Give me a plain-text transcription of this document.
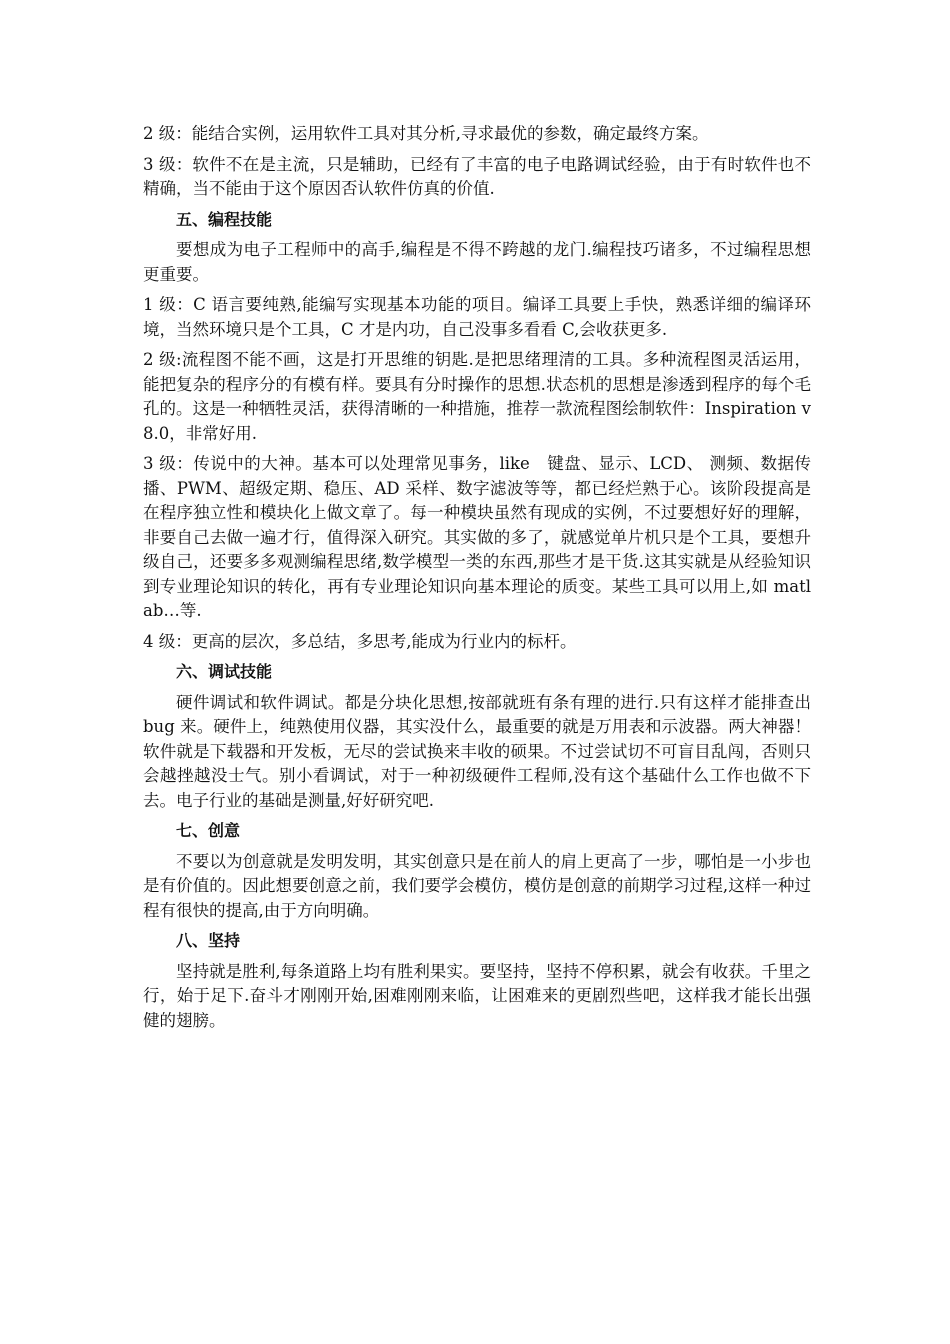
2 级：能结合实例，运用软件工具对其分析,寻求最优的参数，确定最终方案。

3 级：软件不在是主流，只是辅助，已经有了丰富的电子电路调试经验，由于有时软件也不精确，当不能由于这个原因否认软件仿真的价值.

五、编程技能

要想成为电子工程师中的高手,编程是不得不跨越的龙门.编程技巧诸多，不过编程思想更重要。

1 级：C 语言要纯熟,能编写实现基本功能的项目。编译工具要上手快，熟悉详细的编译环境，当然环境只是个工具，C 才是内功，自己没事多看看 C,会收获更多.

2 级:流程图不能不画，这是打开思维的钥匙.是把思绪理清的工具。多种流程图灵活运用，能把复杂的程序分的有模有样。要具有分时操作的思想.状态机的思想是渗透到程序的每个毛孔的。这是一种牺牲灵活，获得清晰的一种措施，推荐一款流程图绘制软件：Inspiration v8.0，非常好用.

3 级：传说中的大神。基本可以处理常见事务，like　键盘、显示、LCD、 测频、数据传播、PWM、超级定期、稳压、AD 采样、数字滤波等等，都已经烂熟于心。该阶段提高是在程序独立性和模块化上做文章了。每一种模块虽然有现成的实例，不过要想好好的理解，非要自己去做一遍才行，值得深入研究。其实做的多了，就感觉单片机只是个工具，要想升级自己，还要多多观测编程思绪,数学模型一类的东西,那些才是干货.这其实就是从经验知识到专业理论知识的转化，再有专业理论知识向基本理论的质变。某些工具可以用上,如 matlab…等.

4 级：更高的层次，多总结，多思考,能成为行业内的标杆。

六、调试技能

硬件调试和软件调试。都是分块化思想,按部就班有条有理的进行.只有这样才能排查出 bug 来。硬件上，纯熟使用仪器，其实没什么，最重要的就是万用表和示波器。两大神器！软件就是下载器和开发板，无尽的尝试换来丰收的硕果。不过尝试切不可盲目乱闯，否则只会越挫越没士气。别小看调试，对于一种初级硬件工程师,没有这个基础什么工作也做不下去。电子行业的基础是测量,好好研究吧.

七、创意

不要以为创意就是发明发明，其实创意只是在前人的肩上更高了一步，哪怕是一小步也是有价值的。因此想要创意之前，我们要学会模仿，模仿是创意的前期学习过程,这样一种过程有很快的提高,由于方向明确。

八、坚持

坚持就是胜利,每条道路上均有胜利果实。要坚持，坚持不停积累，就会有收获。千里之行，始于足下.奋斗才刚刚开始,困难刚刚来临，让困难来的更剧烈些吧，这样我才能长出强健的翅膀。
